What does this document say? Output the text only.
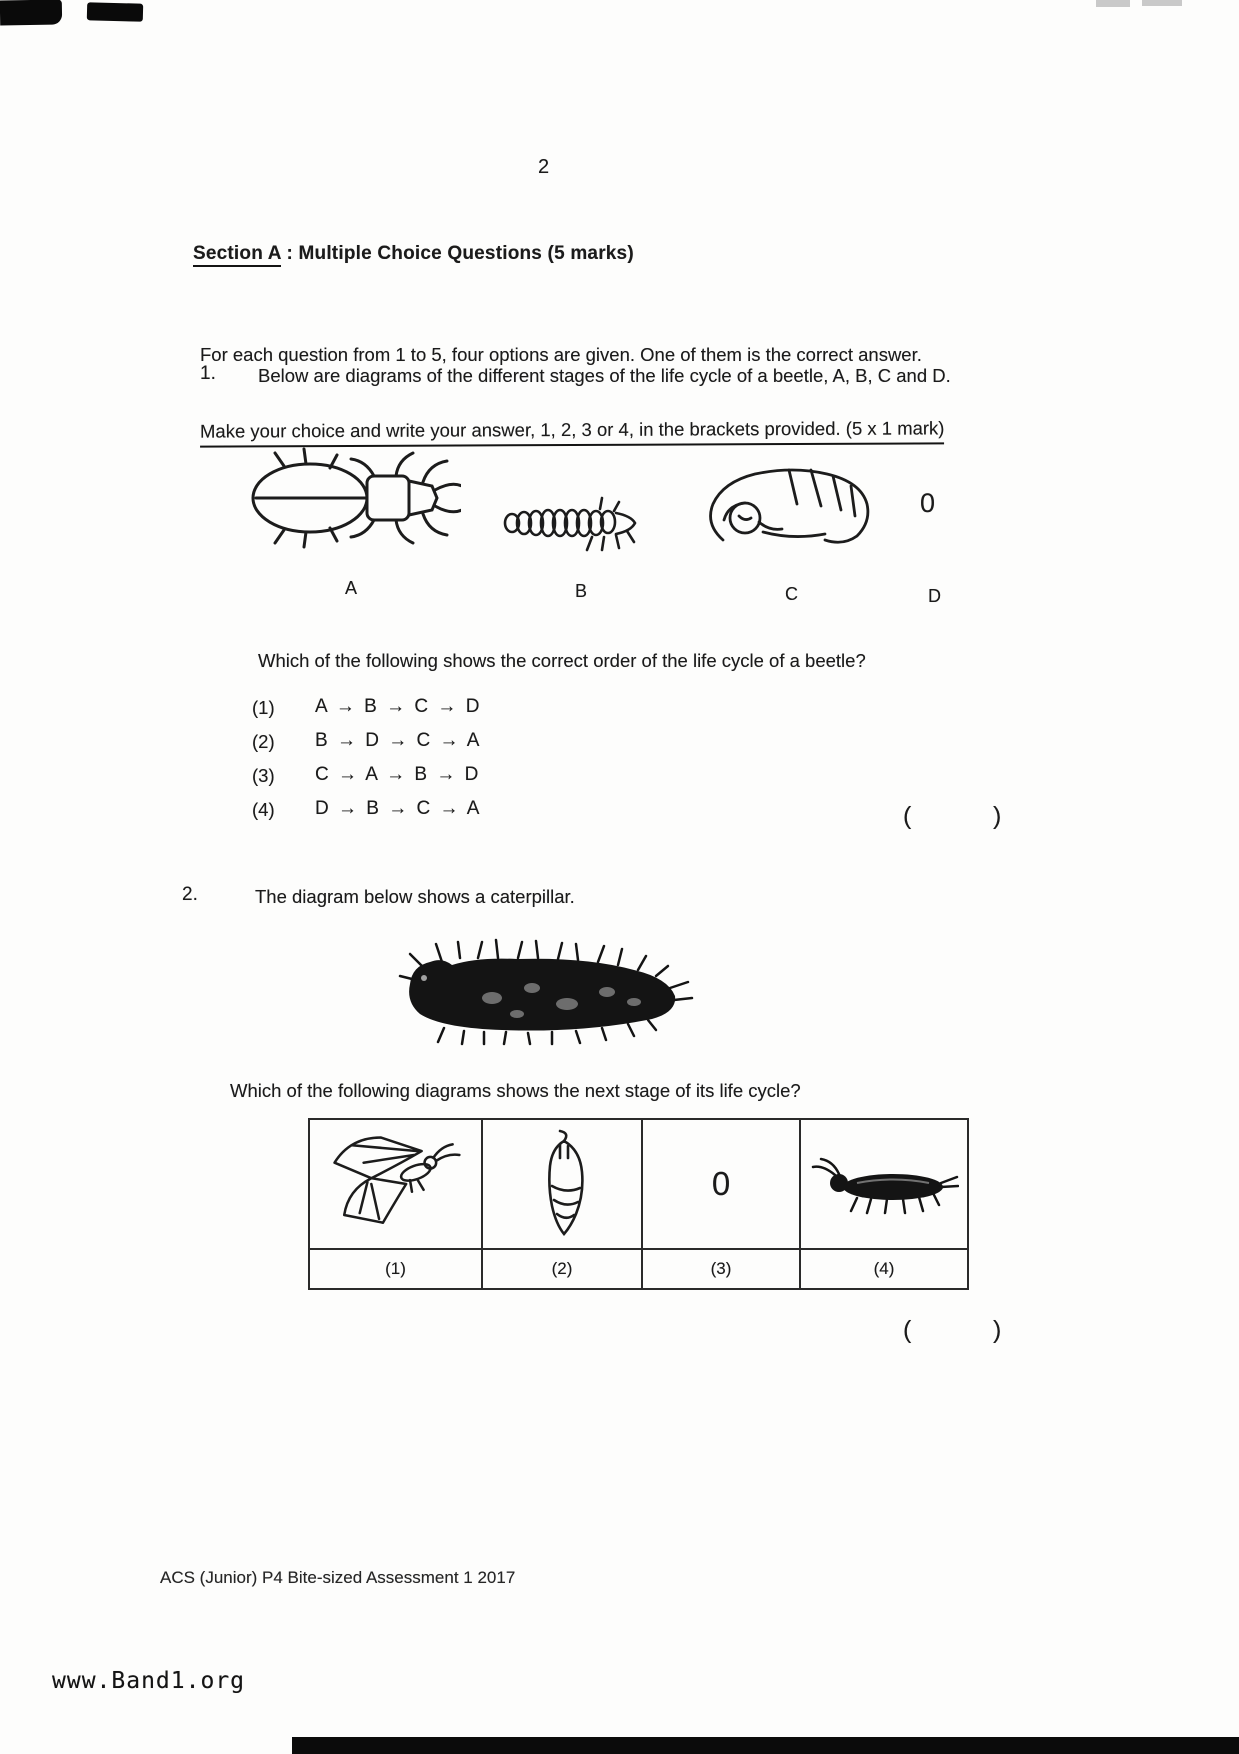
2
Section A : Multiple Choice Questions (5 marks)

For each question from 1 to 5, four options are given. One of them is the correct answer.

Make your choice and write your answer, 1, 2, 3 or 4, in the brackets provided. (5 x 1 mark)

1. Below are diagrams of the different stages of the life cycle of a beetle, A, B, C and D.
0
A	B	C	D
Which of the following shows the correct order of the life cycle of a beetle?
(1) A → B → C → D
(2) B → D → C → A
(3) C → A → B → D
(4) D → B → C → A	(	)
2.	The diagram below shows a caterpillar.
Which of the following diagrams shows the next stage of its life cycle?
0
(1)	(2)	(3)	(4)
(	)
ACS (Junior) P4 Bite-sized Assessment 1 2017
www.Band1.org
